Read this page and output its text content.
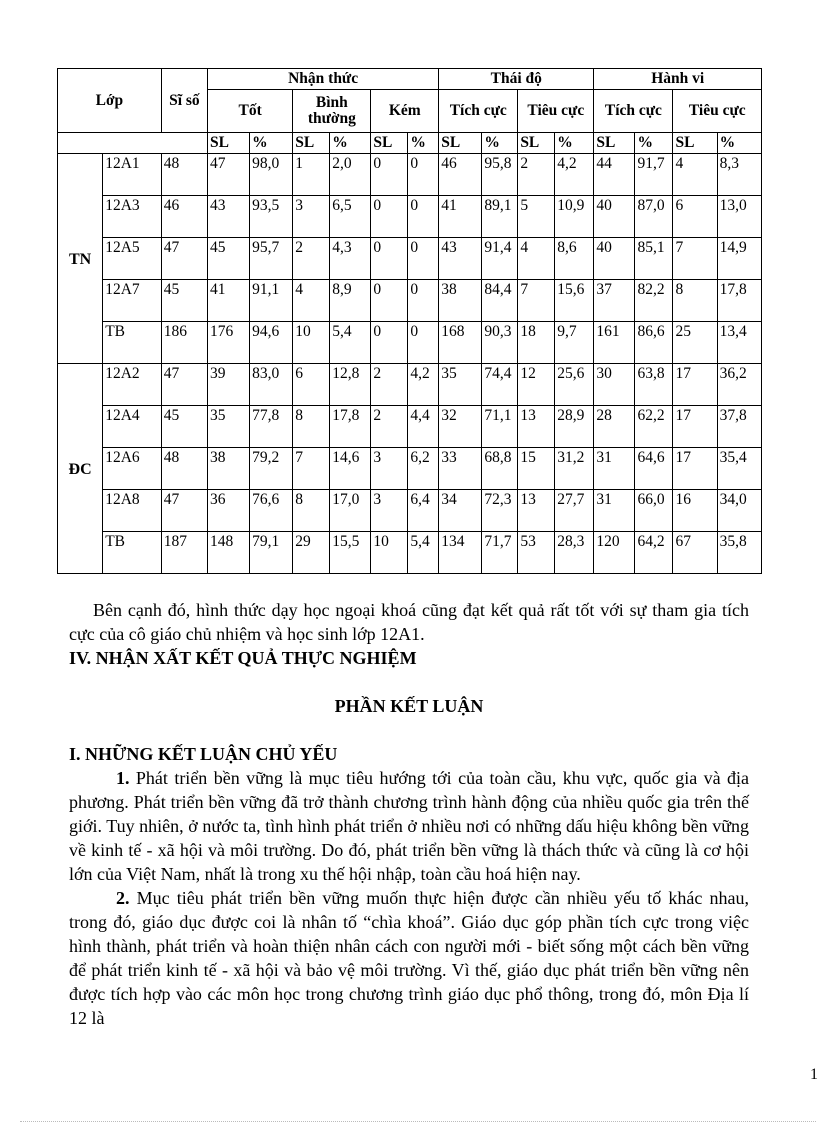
Lớp		Sĩ số	Nhận thức						Thái độ				Hành vi			
			Tốt		Bình thường		Kém		Tích cực		Tiêu cực		Tích cực		Tiêu cực	
			SL	%	SL	%	SL	%	SL	%	SL	%	SL	%	SL	%
TN	12A1	48	47	98,0	1	2,0	0	0	46	95,8	2	4,2	44	91,7	4	8,3
	12A3	46	43	93,5	3	6,5	0	0	41	89,1	5	10,9	40	87,0	6	13,0
	12A5	47	45	95,7	2	4,3	0	0	43	91,4	4	8,6	40	85,1	7	14,9
	12A7	45	41	91,1	4	8,9	0	0	38	84,4	7	15,6	37	82,2	8	17,8
	TB	186	176	94,6	10	5,4	0	0	168	90,3	18	9,7	161	86,6	25	13,4
ĐC	12A2	47	39	83,0	6	12,8	2	4,2	35	74,4	12	25,6	30	63,8	17	36,2
	12A4	45	35	77,8	8	17,8	2	4,4	32	71,1	13	28,9	28	62,2	17	37,8
	12A6	48	38	79,2	7	14,6	3	6,2	33	68,8	15	31,2	31	64,6	17	35,4
	12A8	47	36	76,6	8	17,0	3	6,4	34	72,3	13	27,7	31	66,0	16	34,0
	TB	187	148	79,1	29	15,5	10	5,4	134	71,7	53	28,3	120	64,2	67	35,8

Bên cạnh đó, hình thức dạy học ngoại khoá cũng đạt kết quả rất tốt với sự tham gia tích cực của cô giáo chủ nhiệm và học sinh lớp 12A1.

IV. NHẬN XẤT KẾT QUẢ THỰC NGHIỆM

PHẦN KẾT LUẬN

I. NHỮNG KẾT LUẬN CHỦ YẾU

1. Phát triển bền vững là mục tiêu hướng tới của toàn cầu, khu vực, quốc gia và địa phương. Phát triển bền vững đã trở thành chương trình hành động của nhiều quốc gia trên thế giới. Tuy nhiên, ở nước ta, tình hình phát triển ở nhiều nơi có những dấu hiệu không bền vững về kinh tế - xã hội và môi trường. Do đó, phát triển bền vững là thách thức và cũng là cơ hội lớn của Việt Nam, nhất là trong xu thế hội nhập, toàn cầu hoá hiện nay.

2. Mục tiêu phát triển bền vững muốn thực hiện được cần nhiều yếu tố khác nhau, trong đó, giáo dục được coi là nhân tố “chìa khoá”. Giáo dục góp phần tích cực trong việc hình thành, phát triển và hoàn thiện nhân cách con người mới - biết sống một cách bền vững để phát triển kinh tế - xã hội và bảo vệ môi trường. Vì thế, giáo dục phát triển bền vững nên được tích hợp vào các môn học trong chương trình giáo dục phổ thông, trong đó, môn Địa lí 12 là

1
